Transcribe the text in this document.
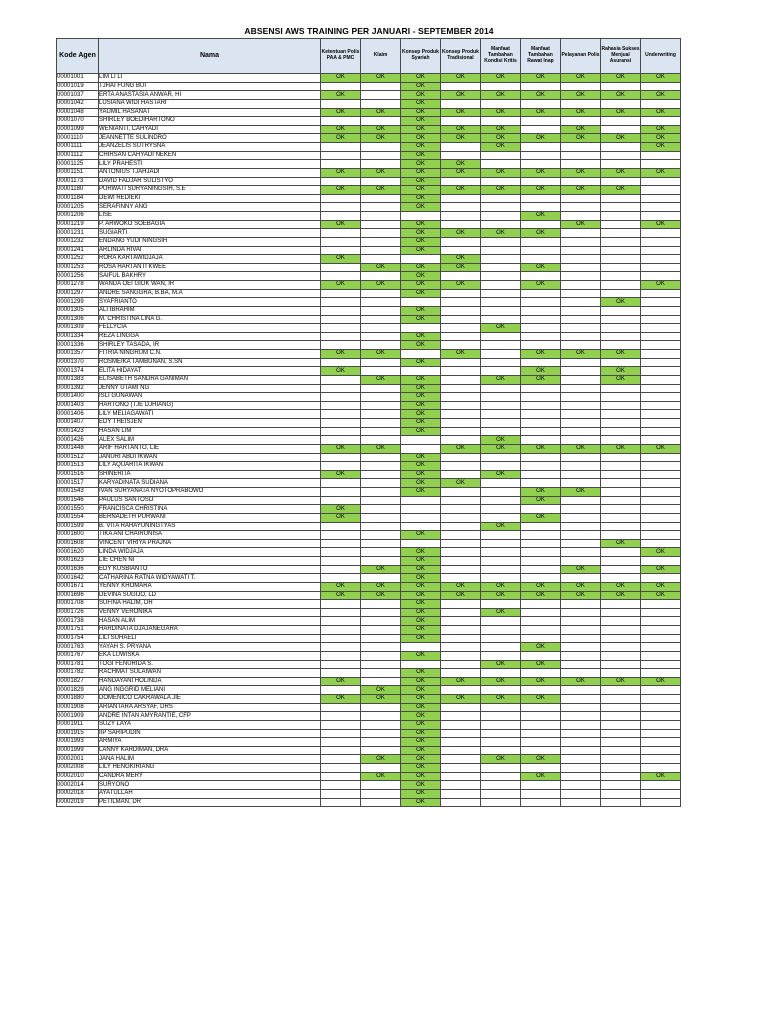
ABSENSI AWS TRAINING PER JANUARI - SEPTEMBER 2014
Kode Agen	Nama	Ketentuan Polis PAA & PMC	Klaim	Konsep Produk Syariah	Konsep Produk Tradisional	Manfaat Tambahan Kondisi Kritis	Manfaat Tambahan Rawat Inap	Pelayanan Polis	Rahasia Sukses Menjual Asuransi	Underwriting
00001001	LIM LI LI	OK	OK	OK	OK	OK	OK	OK	OK	OK
00001019	TJHAI FUNG BUI			OK						
00001037	ERTA ANASTASIA ANWAR, HI	OK		OK	OK	OK	OK	OK	OK	OK
00001042	LUSIANA WIDI HASTARI			OK						
00001048	YAUMIL HASANAT	OK	OK	OK	OK	OK	OK	OK	OK	OK
00001070	SHIRLEY BOEDIHARTONO			OK						
00001099	WENIANTI, CAHYADI	OK	OK	OK	OK	OK		OK		OK
00001110	JEANNETTE SULINDRO	OK	OK	OK	OK	OK	OK	OK	OK	OK
00001111	JEANZELIS SUTRYSNA			OK		OK				OK
00001112	CHIRSAN CAHYADI NEKEN			OK						
00001125	LILY PRAHESTI			OK	OK					
00001151	ANTONIUS TJAHJADI	OK	OK	OK	OK	OK	OK	OK	OK	OK
00001173	DAVID FADJAR SULISTYO			OK						
00001180	PURWATI SURYANINGSIH, S.E	OK	OK	OK	OK	OK	OK	OK	OK	
00001184	DEWI REDIEKI			OK						
00001205	SERAFINNY ANG			OK						
00001206	LISE						OK			
00001219	P. ARWOKO SOEBAGIA	OK		OK				OK		OK
00001231	SUGIARTI			OK	OK	OK	OK			
00001232	ENDANG YUDI NINGSIH			OK						
00001241	ARLINDA RIVAI			OK						
00001252	RORA KARTAWIDJAJA	OK			OK					
00001253	ROSA HARTANTI KWEE		OK	OK	OK		OK			
00001256	SAIFUL BAKHRY			OK						
00001278	WANDA OEI GIOK WAN, IR	OK	OK	OK	OK		OK			OK
00001297	ANDRE SANGGRA, B.BA, M.A			OK						
00001299	SYAFRIANTO								OK	
00001305	ALI IBRAHIM			OK						
00001306	M. CHRISTINA LINA G.			OK						
00001309	FELLYCIA					OK				
00001334	REZA LINGGA			OK						
00001336	SHIRLEY TASADA, IR			OK						
00001357	FITRIA NINGRUM C.N.	OK	OK		OK		OK	OK	OK	
00001370	ROSMEIKA TAMBUNAN, S.SN			OK						
00001374	ELITA HIDAYAT	OK					OK		OK	
00001383	ELISABETH SANDRA GANIMAN		OK	OK		OK	OK		OK	
00001392	JENNY UTAMI NG			OK						
00001400	ISLI GUNAWAN			OK						
00001403	HARTONO (TJE DJHIANG)			OK						
00001406	LILY MELIAGAWATI			OK						
00001407	EDY THEISJEN			OK						
00001423	HASAN LIM			OK						
00001426	ALEX SALIM					OK				
00001448	ARIF HARTANTO, LIE	OK	OK		OK	OK	OK	OK	OK	OK
00001512	JANURI ABDI IKWAN			OK						
00001513	LILY AQUARITA IKWAN			OK						
00001516	SHINERITA	OK		OK		OK				
00001517	KARYADINATA SUDIANA			OK	OK					
00001543	IVAN SURYANATA NYOTOPRABOWO			OK			OK	OK		
00001546	PAULUS SANTOSO						OK			
00001550	FRANCISCA CHRISTINA	OK								
00001554	BERNADETH PURWANI	OK					OK			
00001599	B. VITA RAHAYUNINGTYAS					OK				
00001600	TIKA ANI CHAIRUNISA			OK						
00001608	VINCENT VIRIYA PRAJNA								OK	
00001620	LINDA WIDJAJA			OK						OK
00001623	LIE CHEN NI			OK						
00001636	EDY KUSBIANTO		OK	OK				OK		OK
00001642	CATHARINA RATNA WIDYAWATI T.			OK						
00001671	YENNY KHOMARA	OK	OK	OK	OK	OK	OK	OK	OK	OK
00001696	DEVINA SUGIJO, LD	OK	OK	OK	OK	OK	OK	OK	OK	OK
00001708	SUFINA HALIM, DR			OK						
00001726	VENNY VERONIKA			OK		OK				
00001738	HASAN ALIM			OK						
00001751	HARDINATA DJAJANEGARA			OK						
00001754	LILI SUHAELI			OK						
00001763	YAYAH S. PRYANA						OK			
00001767	EKA LUWISKA			OK						
00001781	TOGI FENURIDA S.					OK	OK			
00001782	RACHMAT SULAIWAN			OK						
00001827	HANDAYANI HOLINDA	OK		OK	OK	OK	OK	OK	OK	OK
00001829	ANG INGGRID MELIANI		OK	OK						
00001880	DOMENICO CAKRAWALA JIE	OK	OK	OK	OK	OK	OK			
00001908	ARIANTARA ARSYAF, DRS			OK						
00001909	ANDRE INTAN AMYRANTIE, CFP			OK						
00001911	SUZY LAYA			OK						
00001915	IIP SARIPUDIN			OK						
00001993	ARMIYA			OK						
00001999	LANNY KARDIMAN, DRA			OK						
00002001	JANA HALIM		OK	OK		OK	OK			
00002008	LILY HENGKIRIANG			OK						
00002010	CANDRA MERY		OK	OK			OK			OK
00002014	SURYONO			OK						
00002018	AYATULLAH			OK						
00002019	PETILMAN, DR			OK						
